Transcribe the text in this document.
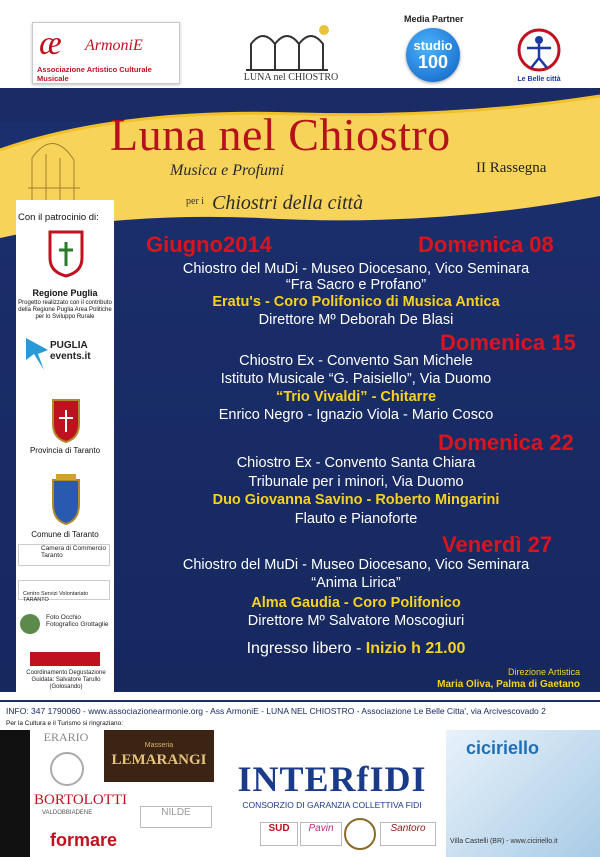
æ ArmoniE
Associazione Artistico Culturale Musicale	LUNA nel CHIOSTRO
Media Partner
studio
100
Le Belle città
Luna nel Chiostro
II Rassegna
Musica e Profumi
per i Chiostri della città
Con il patrocinio di:
Regione Puglia
Progetto realizzato con il contributo della Regione Puglia Area Politiche per lo Sviluppo Rurale
PUGLIA events.it
Provincia di Taranto
Comune di Taranto
Camera di Commercio Taranto
Centro Servizi Volontariato TARANTO
Foto Occhio Fotografico Grottaglie
Coordinamento Degustazione Guidata: Salvatore Tarullo (Gołosando)
Giugno2014	Domenica 08
Chiostro del MuDi - Museo Diocesano, Vico Seminara
“Fra Sacro e Profano”
Eratu's - Coro Polifonico di Musica Antica
Direttore Mº Deborah De Blasi
Domenica 15
Chiostro Ex - Convento San Michele
Istituto Musicale “G. Paisiello”, Via Duomo
“Trio Vivaldi” - Chitarre
Enrico Negro - Ignazio Viola - Mario Cosco
Domenica 22
Chiostro Ex - Convento Santa Chiara
Tribunale per i minori, Via Duomo
Duo Giovanna Savino - Roberto Mingarini
Flauto e Pianoforte
Venerdì 27
Chiostro del MuDi - Museo Diocesano, Vico Seminara
“Anima Lirica”
Alma Gaudia - Coro Polifonico
Direttore Mº Salvatore Moscogiuri
Ingresso libero - Inizio h 21.00
Direzione Artistica
Maria Oliva, Palma di Gaetano
INFO: 347 1790060 - www.associazionearmonie.org - Ass ArmoniE - LUNA NEL CHIOSTRO - Associazione Le Belle Citta', via Arcivescovado 2
Per la Cultura e il Turismo si ringraziano:
ERARIO
Masseria
LEMARANGI INTERfIDI
CONSORZIO DI GARANZIA COLLETTIVA FIDI
ciciriello
Villa Castelli (BR) - www.ciciriello.it
BORTOLOTTI
VALDOBBIADENE	NILDE
formare
SUD	Pavin	Santoro
